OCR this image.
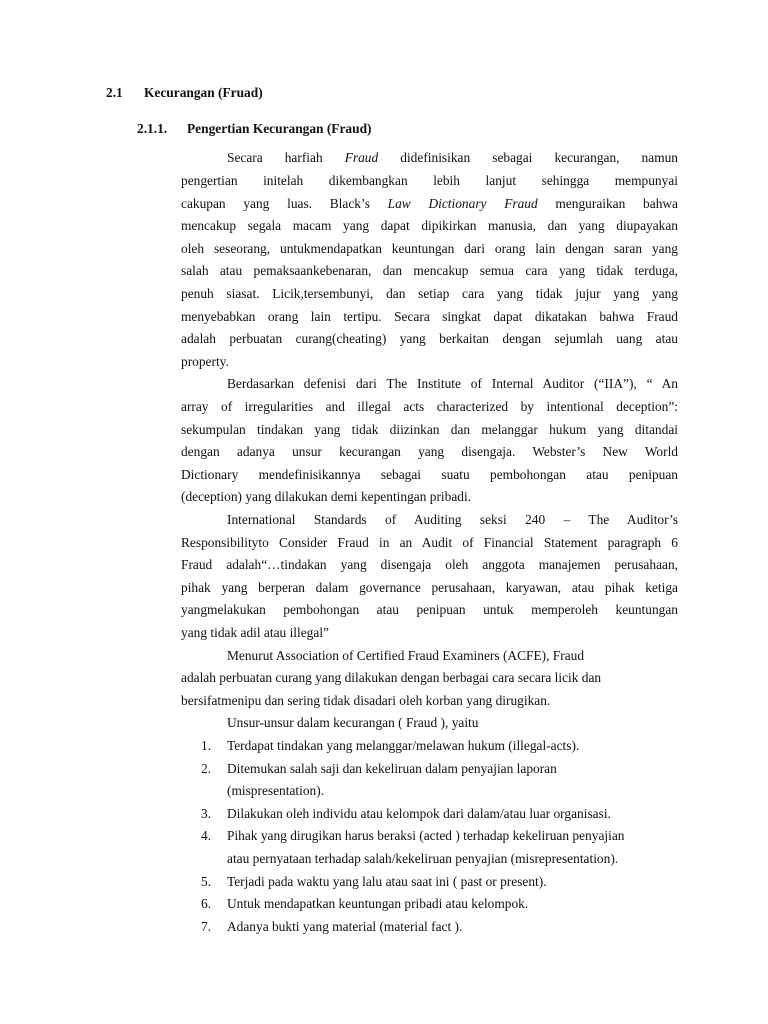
2.1 Kecurangan (Fruad)
2.1.1. Pengertian Kecurangan (Fraud)
Secara harfiah Fraud didefinisikan sebagai kecurangan, namun
pengertian initelah dikembangkan lebih lanjut sehingga mempunyai
cakupan yang luas. Black’s Law Dictionary Fraud menguraikan bahwa
mencakup segala macam yang dapat dipikirkan manusia, dan yang diupayakan
oleh seseorang, untukmendapatkan keuntungan dari orang lain dengan saran yang
salah atau pemaksaankebenaran, dan mencakup semua cara yang tidak terduga,
penuh siasat. Licik,tersembunyi, dan setiap cara yang tidak jujur yang yang
menyebabkan orang lain tertipu. Secara singkat dapat dikatakan bahwa Fraud
adalah perbuatan curang(cheating) yang berkaitan dengan sejumlah uang atau
property.
Berdasarkan defenisi dari The Institute of Internal Auditor (“IIA”), “ An
array of irregularities and illegal acts characterized by intentional deception”:
sekumpulan tindakan yang tidak diizinkan dan melanggar hukum yang ditandai
dengan adanya unsur kecurangan yang disengaja. Webster’s New World
Dictionary mendefinisikannya sebagai suatu pembohongan atau penipuan
(deception) yang dilakukan demi kepentingan pribadi.
International Standards of Auditing seksi 240 – The Auditor’s
Responsibilityto Consider Fraud in an Audit of Financial Statement paragraph 6
Fraud adalah“…tindakan yang disengaja oleh anggota manajemen perusahaan,
pihak yang berperan dalam governance perusahaan, karyawan, atau pihak ketiga
yangmelakukan pembohongan atau penipuan untuk memperoleh keuntungan
yang tidak adil atau illegal”
Menurut Association of Certified Fraud Examiners (ACFE), Fraud
adalah perbuatan curang yang dilakukan dengan berbagai cara secara licik dan
bersifatmenipu dan sering tidak disadari oleh korban yang dirugikan.
Unsur-unsur dalam kecurangan ( Fraud ), yaitu
1.	Terdapat tindakan yang melanggar/melawan hukum (illegal-acts).
2.	Ditemukan salah saji dan kekeliruan dalam penyajian laporan
(mispresentation).
3.	Dilakukan oleh individu atau kelompok dari dalam/atau luar organisasi.
4.	Pihak yang dirugikan harus beraksi (acted ) terhadap kekeliruan penyajian
atau pernyataan terhadap salah/kekeliruan penyajian (misrepresentation).
5.	Terjadi pada waktu yang lalu atau saat ini ( past or present).
6.	Untuk mendapatkan keuntungan pribadi atau kelompok.
7.	Adanya bukti yang material (material fact ).
